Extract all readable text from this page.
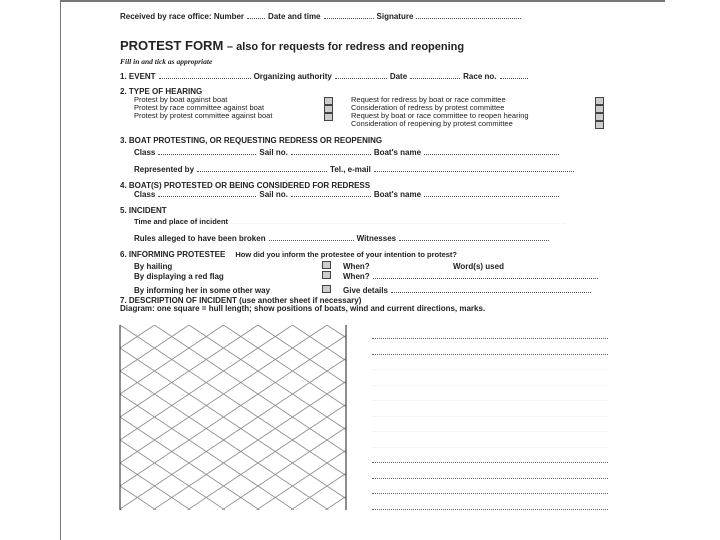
Received by race office: Number	Date and time	Signature
PROTEST FORM – also for requests for redress and reopening
Fill in and tick as appropriate
1. EVENT	Organizing authority	Date	Race no.
2. TYPE OF HEARING
Protest by boat against boat
Protest by race committee against boat
Protest by protest committee against boat
Request for redress by boat or race committee
Consideration of redress by protest committee
Request by boat or race committee to reopen hearing
Consideration of reopening by protest committee
3. BOAT PROTESTING, OR REQUESTING REDRESS OR REOPENING
Class	Sail no.	Boat's name
Represented by	Tel., e-mail
4. BOAT(S) PROTESTED OR BEING CONSIDERED FOR REDRESS
Class	Sail no.	Boat's name
5. INCIDENT
Time and place of incident
Rules alleged to have been broken	Witnesses
6. INFORMING PROTESTEE How did you inform the protestee of your intention to protest?
By hailing	When?	Word(s) used
By displaying a red flag	When?
By informing her in some other way	Give details
7. DESCRIPTION OF INCIDENT (use another sheet if necessary)
Diagram: one square = hull length; show positions of boats, wind and current directions, marks.
